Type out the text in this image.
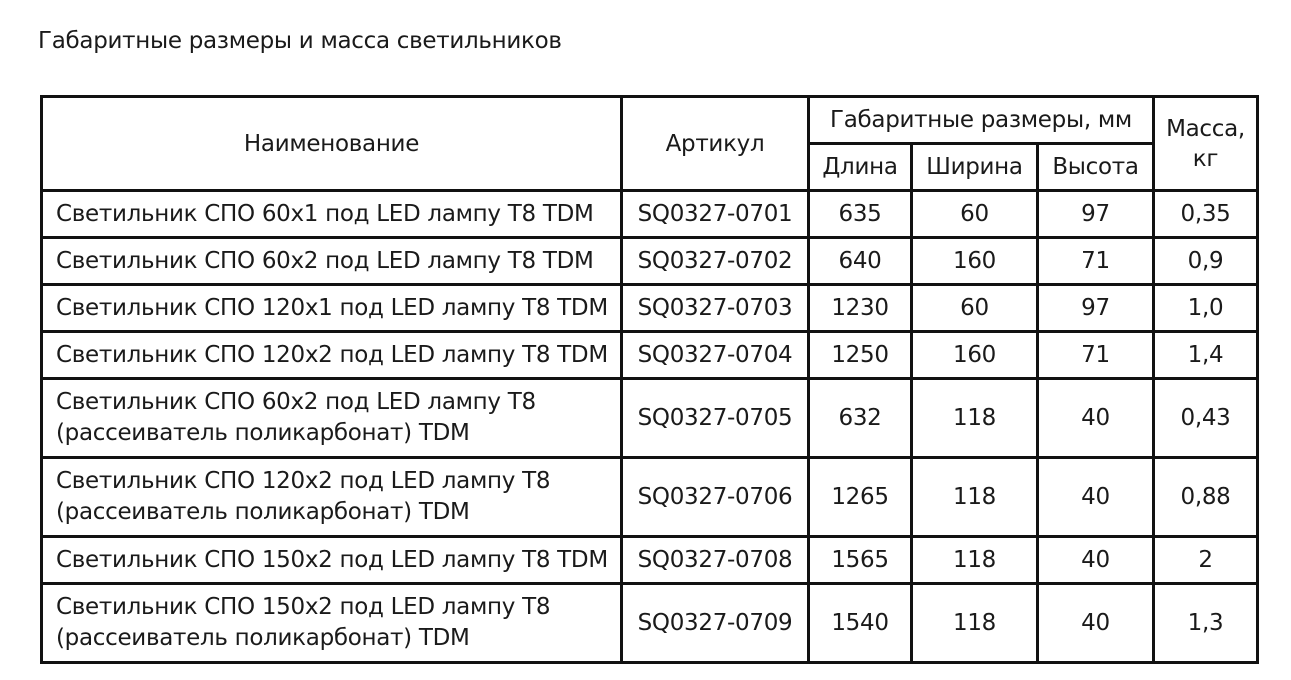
Габаритные размеры и масса светильников
Наименование	Артикул	Габаритные размеры, мм			Масса,
кг
		Длина	Ширина	Высота	
Светильник СПО 60х1 под LED лампу Т8 TDM	SQ0327-0701	635	60	97	0,35
Светильник СПО 60х2 под LED лампу Т8 TDM	SQ0327-0702	640	160	71	0,9
Светильник СПО 120х1 под LED лампу Т8 TDM	SQ0327-0703	1230	60	97	1,0
Светильник СПО 120х2 под LED лампу Т8 TDM	SQ0327-0704	1250	160	71	1,4
Светильник СПО 60х2 под LED лампу Т8
(рассеиватель поликарбонат) TDM	SQ0327-0705	632	118	40	0,43
Светильник СПО 120х2 под LED лампу Т8
(рассеиватель поликарбонат) TDM	SQ0327-0706	1265	118	40	0,88
Светильник СПО 150х2 под LED лампу Т8 TDM	SQ0327-0708	1565	118	40	2
Светильник СПО 150х2 под LED лампу Т8
(рассеиватель поликарбонат) TDM	SQ0327-0709	1540	118	40	1,3
